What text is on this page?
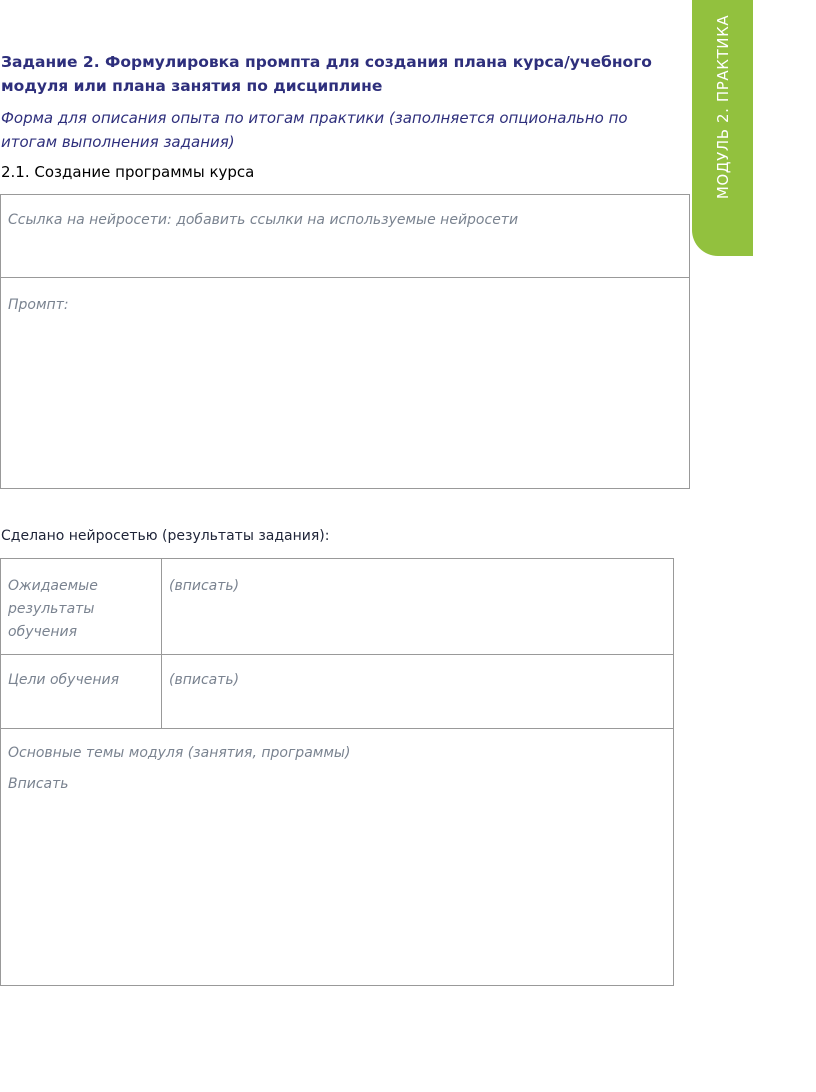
МОДУЛЬ 2. ПРАКТИКА
Задание 2. Формулировка промпта для создания плана курса/учебного модуля или плана занятия по дисциплине

Форма для описания опыта по итогам практики (заполняется опционально по итогам выполнения задания)

2.1. Создание программы курса

Ссылка на нейросети: добавить ссылки на используемые нейросети
Промпт:

Сделано нейросетью (результаты задания):

Ожидаемые результаты обучения
(вписать)
Цели обучения	(вписать)
Основные темы модуля (занятия, программы)
Вписать
